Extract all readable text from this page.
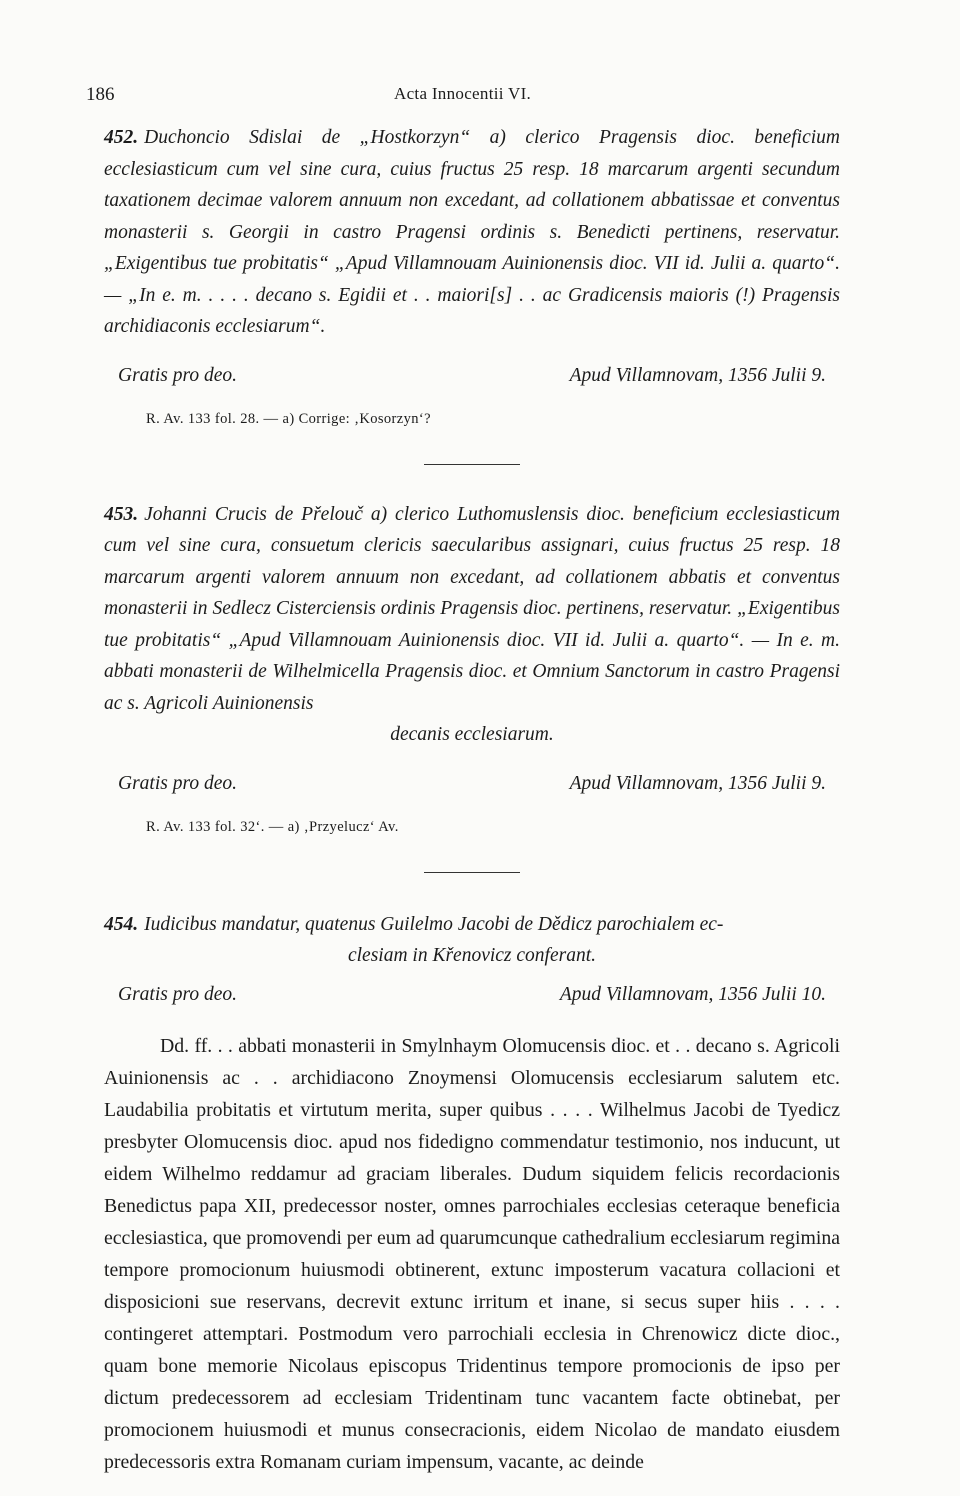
186	Acta Innocentii VI.

452. Duchoncio Sdislai de „Hostkorzyn“ a) clerico Pragensis dioc. beneficium ecclesiasticum cum vel sine cura, cuius fructus 25 resp. 18 marcarum argenti secundum taxationem decimae valorem annuum non excedant, ad collationem abbatissae et conventus monasterii s. Georgii in castro Pragensi ordinis s. Benedicti pertinens, reservatur. „Exigentibus tue probitatis“ „Apud Villamnouam Auinionensis dioc. VII id. Julii a. quarto“. — „In e. m. . . . . decano s. Egidii et . . maiori[s] . . ac Gradicensis maioris (!) Pragensis archidiaconis ecclesiarum“.

Gratis pro deo.	Apud Villamnovam, 1356 Julii 9.
R. Av. 133 fol. 28. — a) Corrige: ‚Kosorzyn‘?

453. Johanni Crucis de Přelouč a) clerico Luthomuslensis dioc. beneficium ecclesiasticum cum vel sine cura, consuetum clericis saecularibus assignari, cuius fructus 25 resp. 18 marcarum argenti valorem annuum non excedant, ad collationem abbatis et conventus monasterii in Sedlecz Cisterciensis ordinis Pragensis dioc. pertinens, reservatur. „Exigentibus tue probitatis“ „Apud Villamnouam Auinionensis dioc. VII id. Julii a. quarto“. — In e. m. abbati monasterii de Wilhelmicella Pragensis dioc. et Omnium Sanctorum in castro Pragensi ac s. Agricoli Auinionensis
decanis ecclesiarum.

Gratis pro deo.	Apud Villamnovam, 1356 Julii 9.
R. Av. 133 fol. 32‘. — a) ‚Przyelucz‘ Av.

454. Iudicibus mandatur, quatenus Guilelmo Jacobi de Dědicz parochialem ec-
clesiam in Křenovicz conferant.

Gratis pro deo.	Apud Villamnovam, 1356 Julii 10.

Dd. ff. . . abbati monasterii in Smylnhaym Olomucensis dioc. et . . decano s. Agricoli Auinionensis ac . . archidiacono Znoymensi Olomucensis ecclesiarum salutem etc. Laudabilia probitatis et virtutum merita, super quibus . . . . Wilhelmus Jacobi de Tyedicz presbyter Olomucensis dioc. apud nos fidedigno commendatur testimonio, nos inducunt, ut eidem Wilhelmo reddamur ad graciam liberales. Dudum siquidem felicis recordacionis Benedictus papa XII, predecessor noster, omnes parrochiales ecclesias ceteraque beneficia ecclesiastica, que promovendi per eum ad quarumcunque cathedralium ecclesiarum regimina tempore promocionum huiusmodi obtinerent, extunc imposterum vacatura collacioni et disposicioni sue reservans, decrevit extunc irritum et inane, si secus super hiis . . . . contingeret attemptari. Postmodum vero parrochiali ecclesia in Chrenowicz dicte dioc., quam bone memorie Nicolaus episcopus Tridentinus tempore promocionis de ipso per dictum predecessorem ad ecclesiam Tridentinam tunc vacantem facte obtinebat, per promocionem huiusmodi et munus consecracionis, eidem Nicolao de mandato eiusdem predecessoris extra Romanam curiam impensum, vacante, ac deinde
